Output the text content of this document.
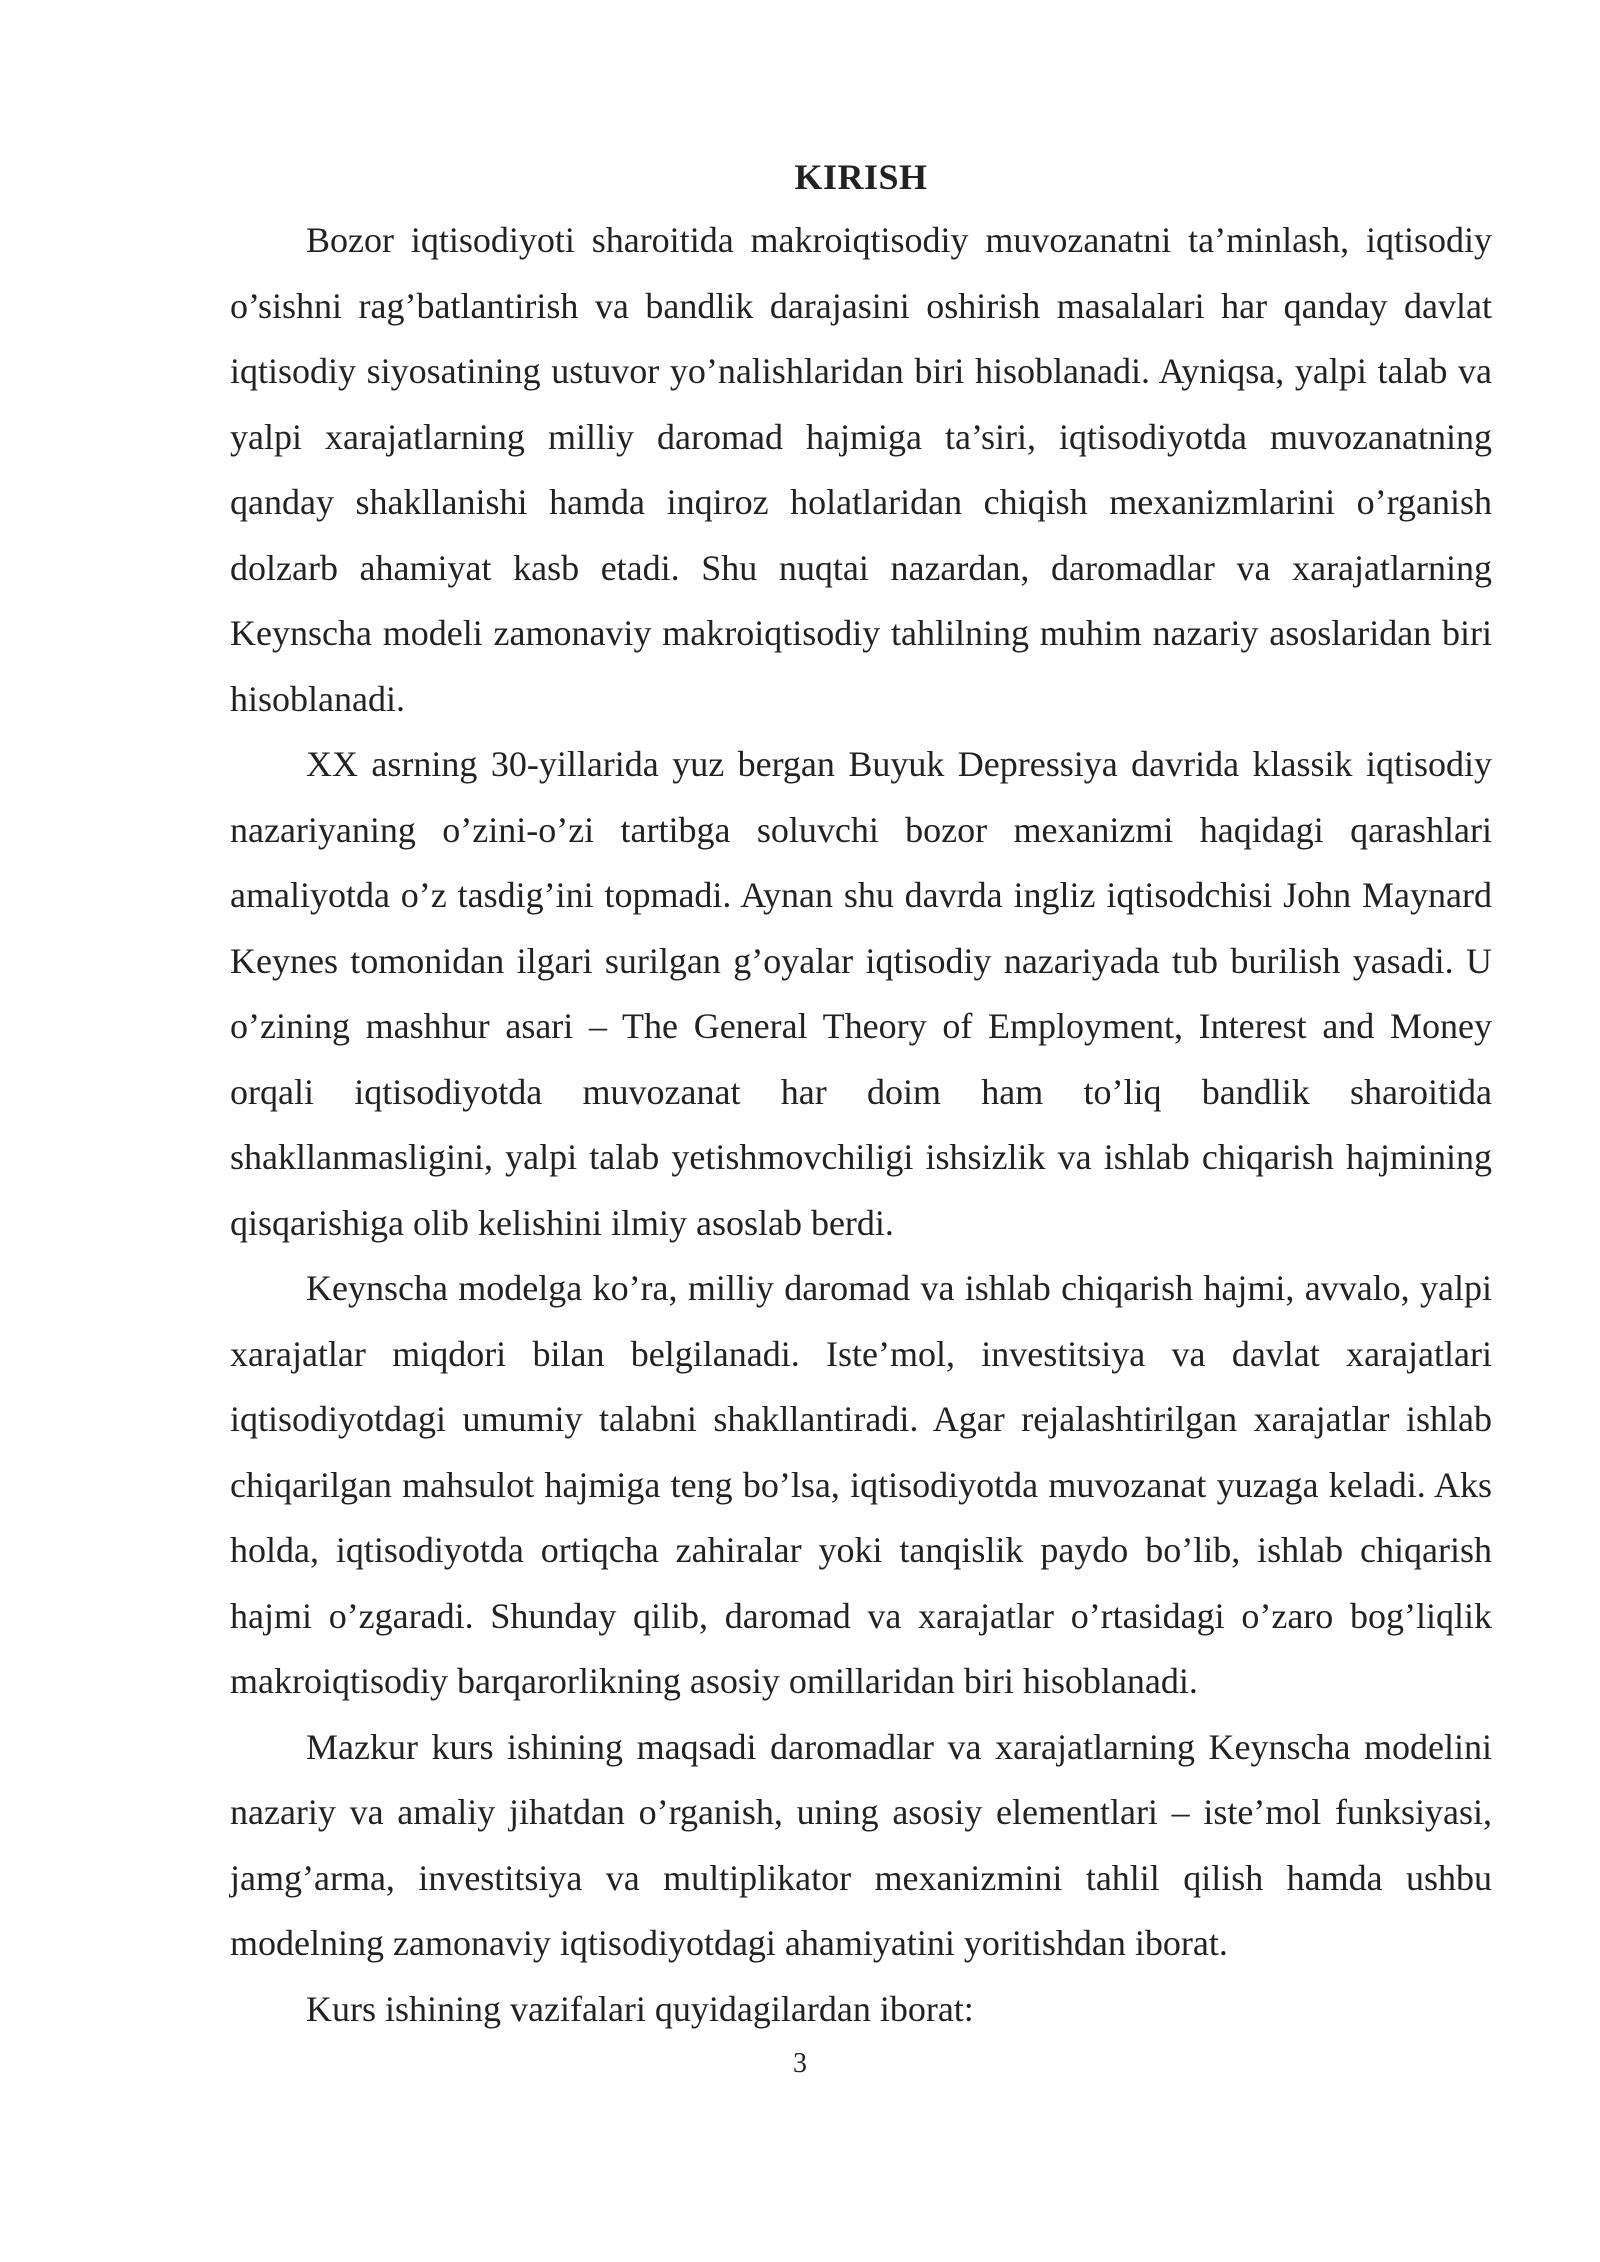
KIRISH

Bozor iqtisodiyoti sharoitida makroiqtisodiy muvozanatni ta’minlash, iqtisodiy o’sishni rag’batlantirish va bandlik darajasini oshirish masalalari har qanday davlat iqtisodiy siyosatining ustuvor yo’nalishlaridan biri hisoblanadi. Ayniqsa, yalpi talab va yalpi xarajatlarning milliy daromad hajmiga ta’siri, iqtisodiyotda muvozanatning qanday shakllanishi hamda inqiroz holatlaridan chiqish mexanizmlarini o’rganish dolzarb ahamiyat kasb etadi. Shu nuqtai nazardan, daromadlar va xarajatlarning Keynscha modeli zamonaviy makroiqtisodiy tahlilning muhim nazariy asoslaridan biri hisoblanadi.

XX asrning 30-yillarida yuz bergan Buyuk Depressiya davrida klassik iqtisodiy nazariyaning o’zini-o’zi tartibga soluvchi bozor mexanizmi haqidagi qarashlari amaliyotda o’z tasdig’ini topmadi. Aynan shu davrda ingliz iqtisodchisi John Maynard Keynes tomonidan ilgari surilgan g’oyalar iqtisodiy nazariyada tub burilish yasadi. U o’zining mashhur asari – The General Theory of Employment, Interest and Money orqali iqtisodiyotda muvozanat har doim ham to’liq bandlik sharoitida shakllanmasligini, yalpi talab yetishmovchiligi ishsizlik va ishlab chiqarish hajmining qisqarishiga olib kelishini ilmiy asoslab berdi.

Keynscha modelga ko’ra, milliy daromad va ishlab chiqarish hajmi, avvalo, yalpi xarajatlar miqdori bilan belgilanadi. Iste’mol, investitsiya va davlat xarajatlari iqtisodiyotdagi umumiy talabni shakllantiradi. Agar rejalashtirilgan xarajatlar ishlab chiqarilgan mahsulot hajmiga teng bo’lsa, iqtisodiyotda muvozanat yuzaga keladi. Aks holda, iqtisodiyotda ortiqcha zahiralar yoki tanqislik paydo bo’lib, ishlab chiqarish hajmi o’zgaradi. Shunday qilib, daromad va xarajatlar o’rtasidagi o’zaro bog’liqlik makroiqtisodiy barqarorlikning asosiy omillaridan biri hisoblanadi.

Mazkur kurs ishining maqsadi daromadlar va xarajatlarning Keynscha modelini nazariy va amaliy jihatdan o’rganish, uning asosiy elementlari – iste’mol funksiyasi, jamg’arma, investitsiya va multiplikator mexanizmini tahlil qilish hamda ushbu modelning zamonaviy iqtisodiyotdagi ahamiyatini yoritishdan iborat.

Kurs ishining vazifalari quyidagilardan iborat:

3
